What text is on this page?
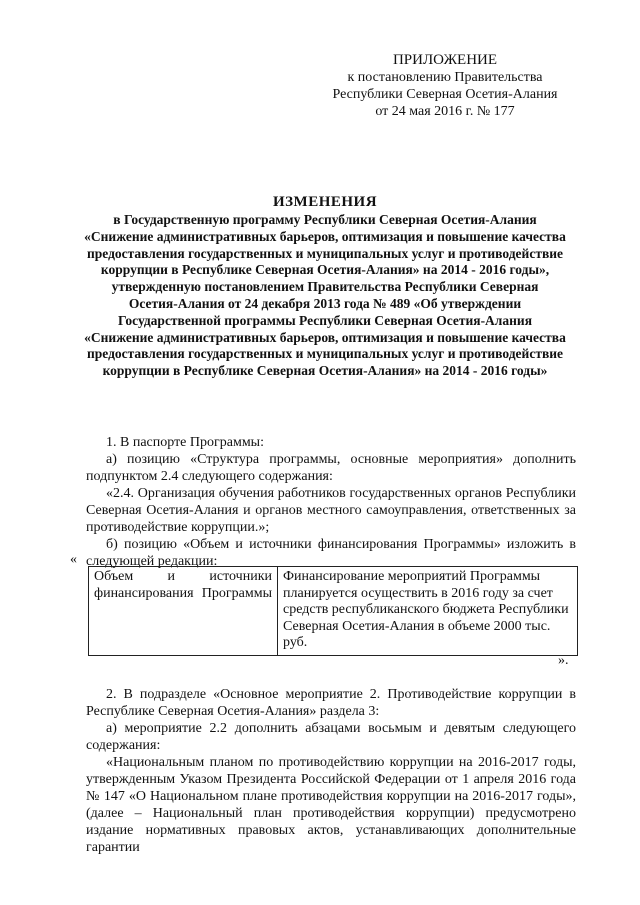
ПРИЛОЖЕНИЕ
к постановлению Правительства
Республики Северная Осетия-Алания
от 24 мая 2016 г. № 177
ИЗМЕНЕНИЯ
в Государственную программу Республики Северная Осетия-Алания
«Снижение административных барьеров, оптимизация и повышение качества
предоставления государственных и муниципальных услуг и противодействие
коррупции в Республике Северная Осетия-Алания» на 2014 - 2016 годы»,
утвержденную постановлением Правительства Республики Северная
Осетия-Алания от 24 декабря 2013 года № 489 «Об утверждении
Государственной программы Республики Северная Осетия-Алания
«Снижение административных барьеров, оптимизация и повышение качества
предоставления государственных и муниципальных услуг и противодействие
коррупции в Республике Северная Осетия-Алания» на 2014 - 2016 годы»

1. В паспорте Программы:

а) позицию «Структура программы, основные мероприятия» дополнить подпунктом 2.4 следующего содержания:

«2.4. Организация обучения работников государственных органов Республики Северная Осетия-Алания и органов местного самоуправления, ответственных за противодействие коррупции.»;

б) позицию «Объем и источники финансирования Программы» изложить в следующей редакции:

«
Объем и источники финансирования Программы	Финансирование мероприятий Программы планируется осуществить в 2016 году за счет средств республиканского бюджета Республики Северная Осетия-Алания в объеме 2000 тыс. руб.
».

2. В подразделе «Основное мероприятие 2. Противодействие коррупции в Республике Северная Осетия-Алания» раздела 3:

а) мероприятие 2.2 дополнить абзацами восьмым и девятым следующего содержания:

«Национальным планом по противодействию коррупции на 2016-2017 годы, утвержденным Указом Президента Российской Федерации от 1 апреля 2016 года № 147 «О Национальном плане противодействия коррупции на 2016-2017 годы», (далее – Национальный план противодействия коррупции) предусмотрено издание нормативных правовых актов, устанавливающих дополнительные гарантии
